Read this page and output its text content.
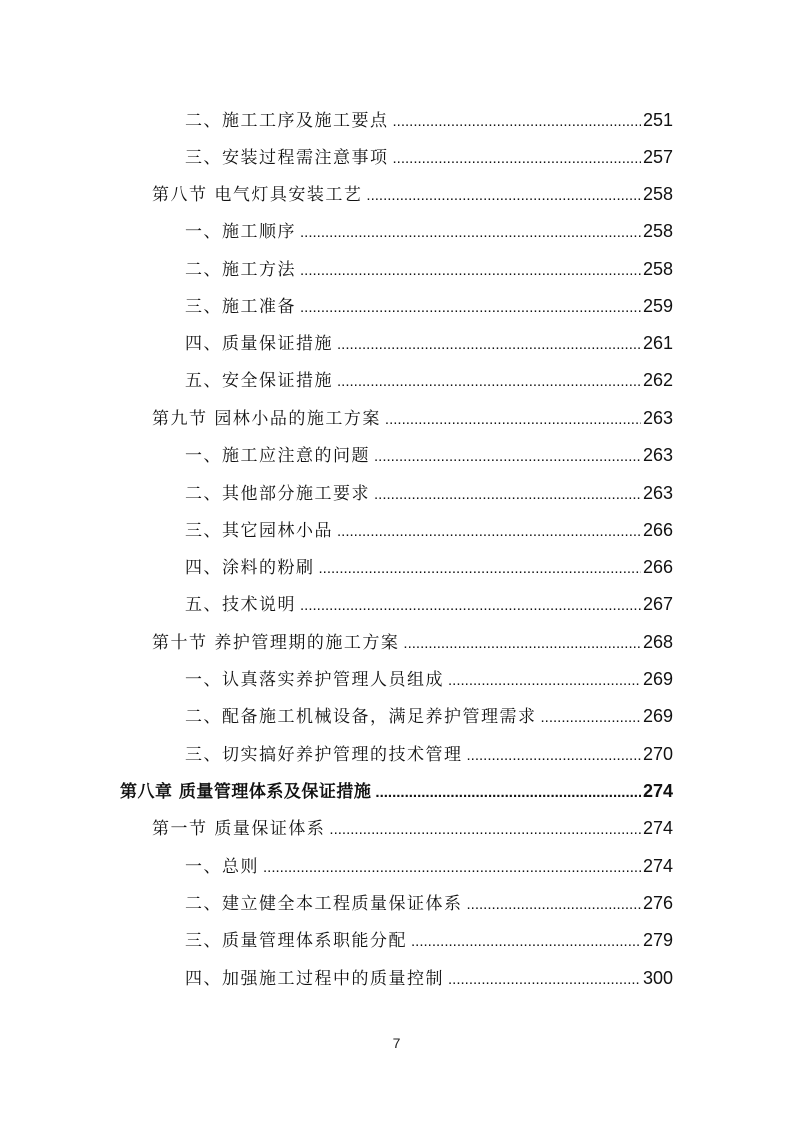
二、施工工序及施工要点 .....	251
三、安装过程需注意事项 .....	257
第八节 电气灯具安装工艺 .....	258
一、施工顺序 .....	258
二、施工方法 .....	258
三、施工准备 .....	259
四、质量保证措施 .....	261
五、安全保证措施 .....	262
第九节 园林小品的施工方案 .....	263
一、施工应注意的问题 .....	263
二、其他部分施工要求 .....	263
三、其它园林小品 .....	266
四、涂料的粉刷 .....	266
五、技术说明 .....	267
第十节 养护管理期的施工方案 .....	268
一、认真落实养护管理人员组成 .....	269
二、配备施工机械设备，满足养护管理需求 .....	269
三、切实搞好养护管理的技术管理 .....	270
第八章 质量管理体系及保证措施 .....	274
第一节 质量保证体系 .....	274
一、总则 .....	274
二、建立健全本工程质量保证体系 .....	276
三、质量管理体系职能分配 .....	279
四、加强施工过程中的质量控制 .....	300
7
